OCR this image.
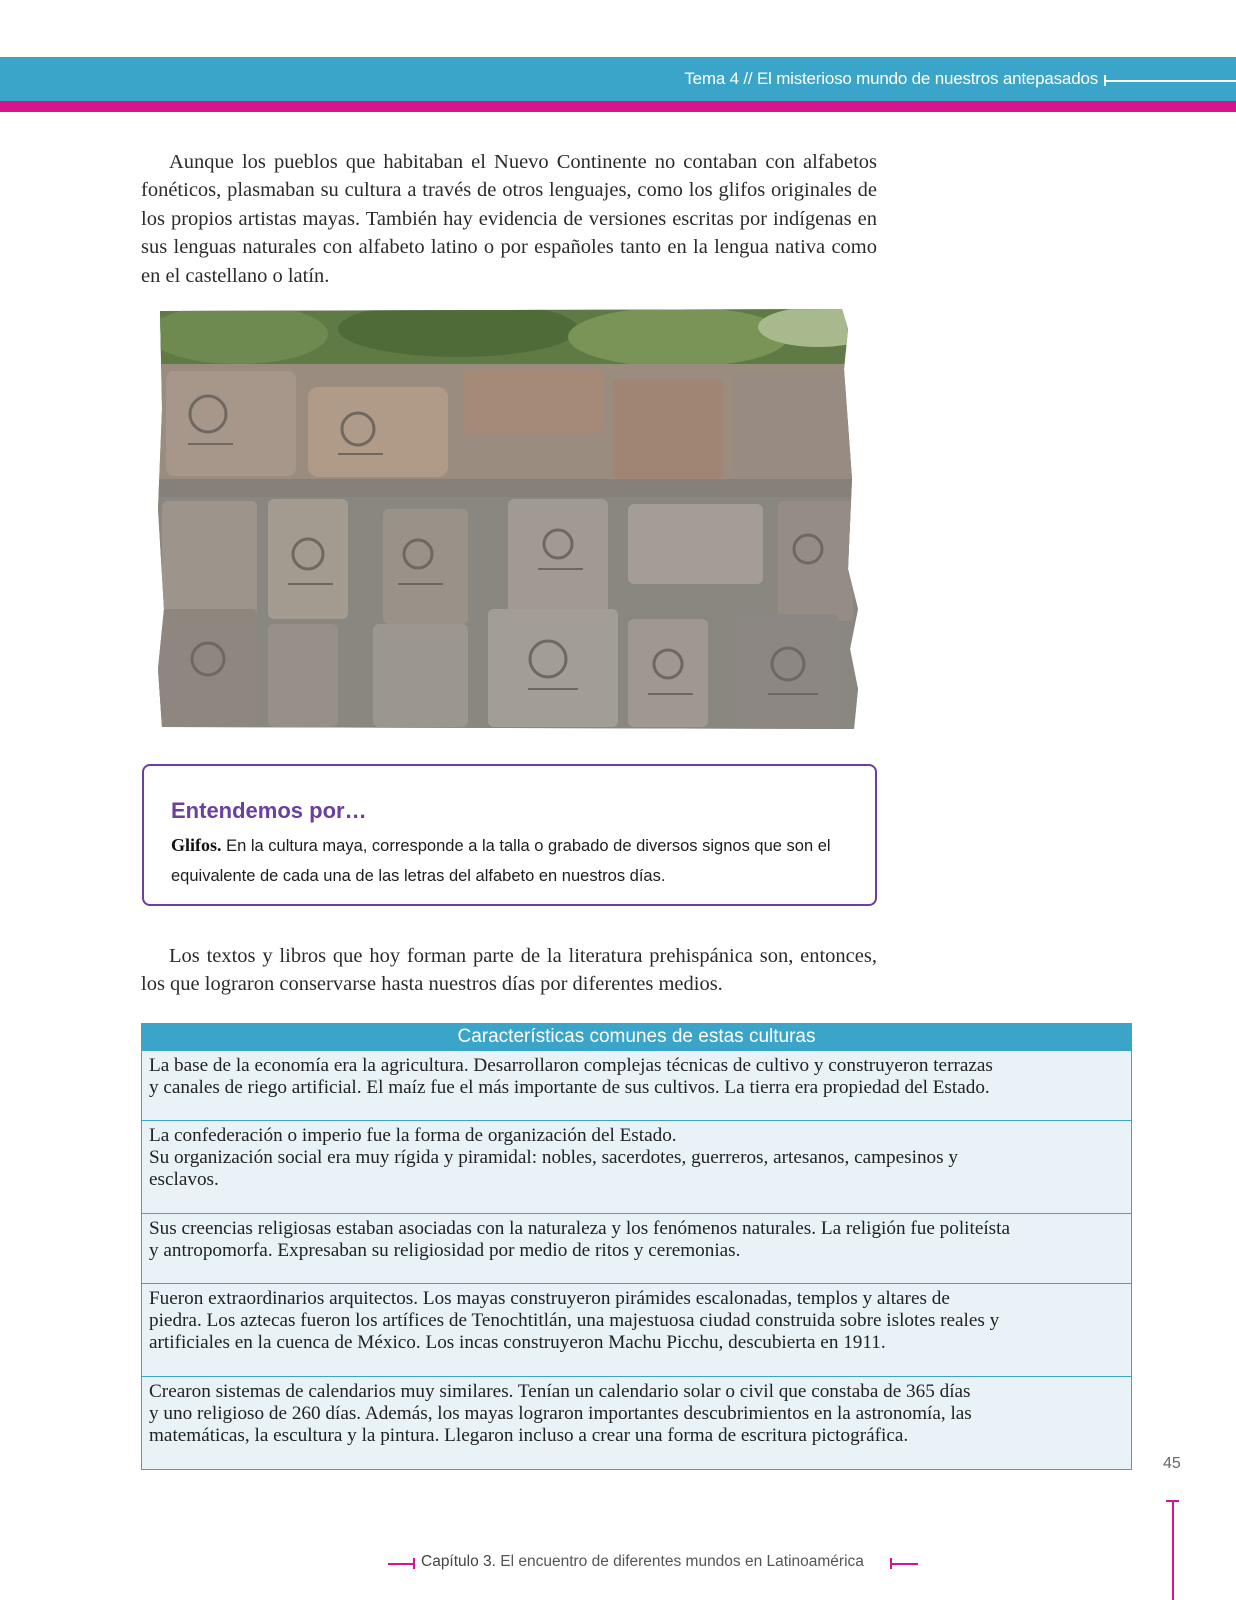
Tema 4 // El misterioso mundo de nuestros antepasados

Aunque los pueblos que habitaban el Nuevo Continente no contaban con alfabetos fonéticos, plasmaban su cultura a través de otros lenguajes, como los glifos originales de los propios artistas mayas. También hay evidencia de versiones escritas por indígenas en sus lenguas naturales con alfabeto latino o por españoles tanto en la lengua nativa como en el castellano o latín.

Entendemos por…
Glifos. En la cultura maya, corresponde a la talla o grabado de diversos signos que son el equivalente de cada una de las letras del alfabeto en nuestros días.

Los textos y libros que hoy forman parte de la literatura prehispánica son, entonces, los que lograron conservarse hasta nuestros días por diferentes medios.

Características comunes de estas culturas
La base de la economía era la agricultura. Desarrollaron complejas técnicas de cultivo y construyeron terrazas
y canales de riego artificial. El maíz fue el más importante de sus cultivos. La tierra era propiedad del Estado.
La confederación o imperio fue la forma de organización del Estado.
Su organización social era muy rígida y piramidal: nobles, sacerdotes, guerreros, artesanos, campesinos y
esclavos.
Sus creencias religiosas estaban asociadas con la naturaleza y los fenómenos naturales. La religión fue politeísta
y antropomorfa. Expresaban su religiosidad por medio de ritos y ceremonias.
Fueron extraordinarios arquitectos. Los mayas construyeron pirámides escalonadas, templos y altares de
piedra. Los aztecas fueron los artífices de Tenochtitlán, una majestuosa ciudad construida sobre islotes reales y
artificiales en la cuenca de México. Los incas construyeron Machu Picchu, descubierta en 1911.
Crearon sistemas de calendarios muy similares. Tenían un calendario solar o civil que constaba de 365 días
y uno religioso de 260 días. Además, los mayas lograron importantes descubrimientos en la astronomía, las
matemáticas, la escultura y la pintura. Llegaron incluso a crear una forma de escritura pictográfica.
45
Capítulo 3. El encuentro de diferentes mundos en Latinoamérica
